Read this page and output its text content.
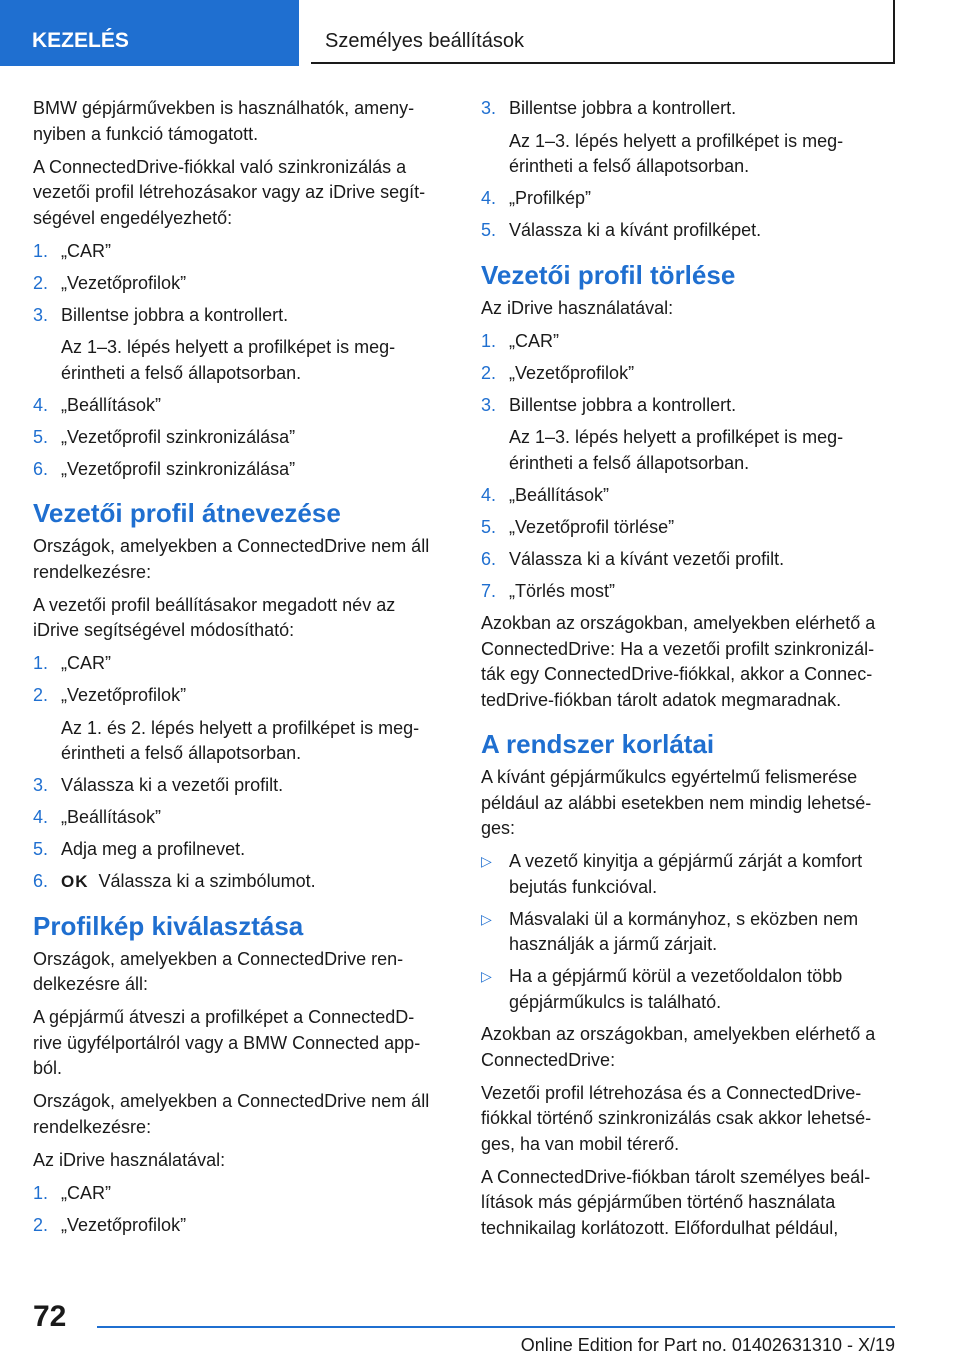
KEZELÉS	Személyes beállítások

BMW gépjárművekben is használhatók, ameny-nyiben a funkció támogatott.

A ConnectedDrive-fiókkal való szinkronizálás a vezetői profil létrehozásakor vagy az iDrive segít-ségével engedélyezhető:

1. „CAR”
2. „Vezetőprofilok”
3. Billentse jobbra a kontrollert.
Az 1–3. lépés helyett a profilképet is meg-érintheti a felső állapotsorban.
4. „Beállítások”
5. „Vezetőprofil szinkronizálása”
6. „Vezetőprofil szinkronizálása”
Vezetői profil átnevezése

Országok, amelyekben a ConnectedDrive nem áll rendelkezésre:

A vezetői profil beállításakor megadott név az iDrive segítségével módosítható:

1. „CAR”
2. „Vezetőprofilok”
Az 1. és 2. lépés helyett a profilképet is meg-érintheti a felső állapotsorban.
3. Válassza ki a vezetői profilt.
4. „Beállítások”
5. Adja meg a profilnevet.
6. OK Válassza ki a szimbólumot.
Profilkép kiválasztása

Országok, amelyekben a ConnectedDrive ren-delkezésre áll:

A gépjármű átveszi a profilképet a ConnectedD-rive ügyfélportálról vagy a BMW Connected app-ból.

Országok, amelyekben a ConnectedDrive nem áll rendelkezésre:

Az iDrive használatával:

1. „CAR”
2. „Vezetőprofilok”
3. Billentse jobbra a kontrollert.
Az 1–3. lépés helyett a profilképet is meg-érintheti a felső állapotsorban.
4. „Profilkép”
5. Válassza ki a kívánt profilképet.
Vezetői profil törlése

Az iDrive használatával:

1. „CAR”
2. „Vezetőprofilok”
3. Billentse jobbra a kontrollert.
Az 1–3. lépés helyett a profilképet is meg-érintheti a felső állapotsorban.
4. „Beállítások”
5. „Vezetőprofil törlése”
6. Válassza ki a kívánt vezetői profilt.
7. „Törlés most”

Azokban az országokban, amelyekben elérhető a ConnectedDrive: Ha a vezetői profilt szinkronizál-ták egy ConnectedDrive-fiókkal, akkor a Connec-tedDrive-fiókban tárolt adatok megmaradnak.

A rendszer korlátai

A kívánt gépjárműkulcs egyértelmű felismerése például az alábbi esetekben nem mindig lehetsé-ges:

▷ A vezető kinyitja a gépjármű zárját a komfort bejutás funkcióval.
▷ Másvalaki ül a kormányhoz, s eközben nem használják a jármű zárjait.
▷ Ha a gépjármű körül a vezetőoldalon több gépjárműkulcs is található.

Azokban az országokban, amelyekben elérhető a ConnectedDrive:

Vezetői profil létrehozása és a ConnectedDrive-fiókkal történő szinkronizálás csak akkor lehetsé-ges, ha van mobil térerő.

A ConnectedDrive-fiókban tárolt személyes beál-lítások más gépjárműben történő használata technikailag korlátozott. Előfordulhat például,

72
Online Edition for Part no. 01402631310 - X/19
